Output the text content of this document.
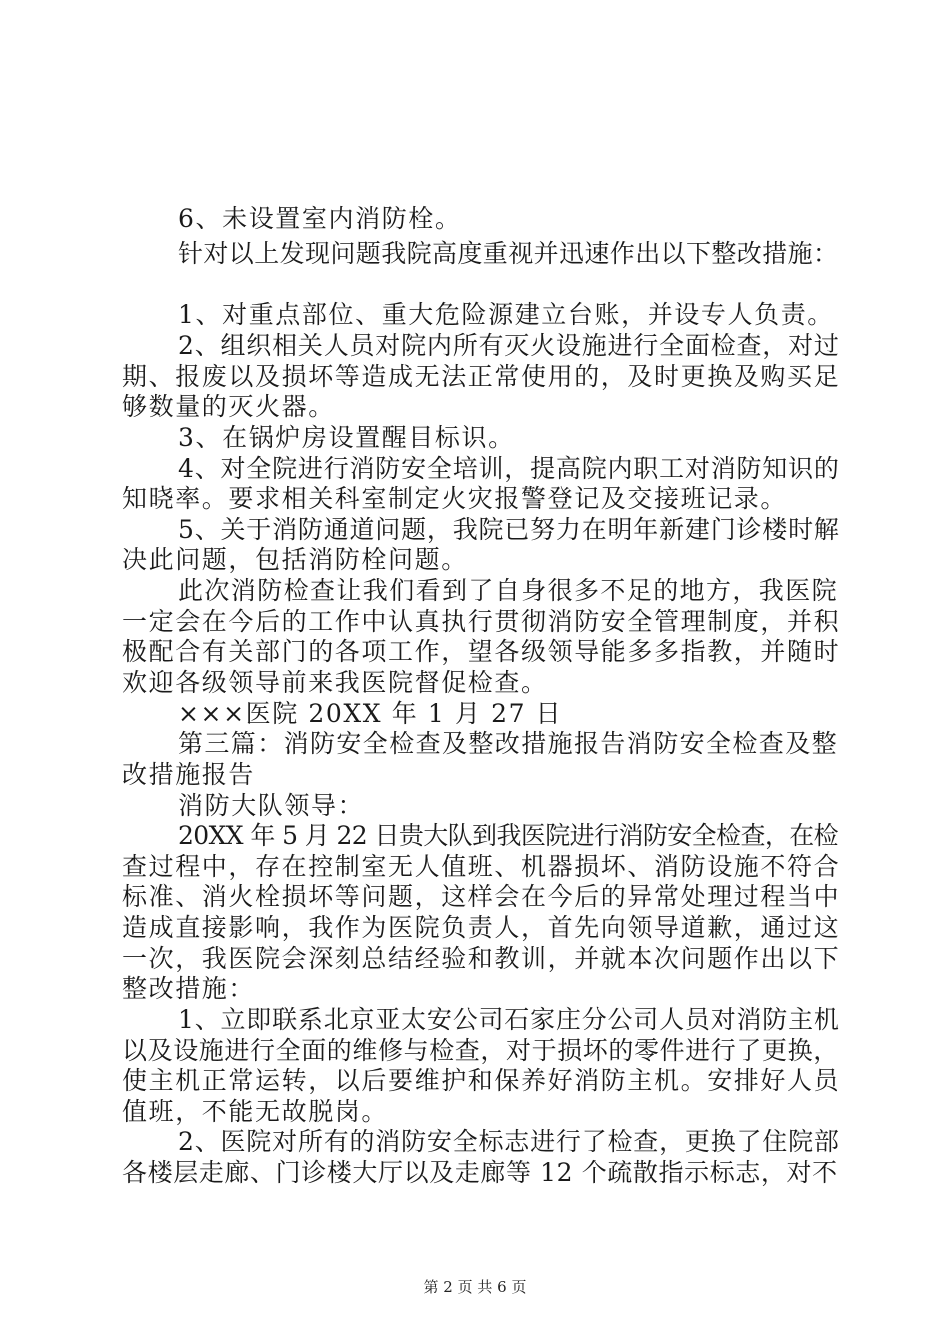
6、未设置室内消防栓。
针对以上发现问题我院高度重视并迅速作出以下整改措施：
1、对重点部位、重大危险源建立台账，并设专人负责。
2、组织相关人员对院内所有灭火设施进行全面检查，对过
期、报废以及损坏等造成无法正常使用的，及时更换及购买足
够数量的灭火器。
3、在锅炉房设置醒目标识。
4、对全院进行消防安全培训，提高院内职工对消防知识的
知晓率。要求相关科室制定火灾报警登记及交接班记录。
5、关于消防通道问题，我院已努力在明年新建门诊楼时解
决此问题，包括消防栓问题。
此次消防检查让我们看到了自身很多不足的地方，我医院
一定会在今后的工作中认真执行贯彻消防安全管理制度，并积
极配合有关部门的各项工作，望各级领导能多多指教，并随时
欢迎各级领导前来我医院督促检查。
×××医院 20XX 年 1 月 27 日
第三篇：消防安全检查及整改措施报告消防安全检查及整
改措施报告
消防大队领导：
20XX 年 5 月 22 日贵大队到我医院进行消防安全检查，在检
查过程中，存在控制室无人值班、机器损坏、消防设施不符合
标准、消火栓损坏等问题，这样会在今后的异常处理过程当中
造成直接影响，我作为医院负责人，首先向领导道歉，通过这
一次，我医院会深刻总结经验和教训，并就本次问题作出以下
整改措施：
1、立即联系北京亚太安公司石家庄分公司人员对消防主机
以及设施进行全面的维修与检查，对于损坏的零件进行了更换，
使主机正常运转，以后要维护和保养好消防主机。安排好人员
值班，不能无故脱岗。
2、医院对所有的消防安全标志进行了检查，更换了住院部
各楼层走廊、门诊楼大厅以及走廊等 12 个疏散指示标志，对不
第 2 页 共 6 页
